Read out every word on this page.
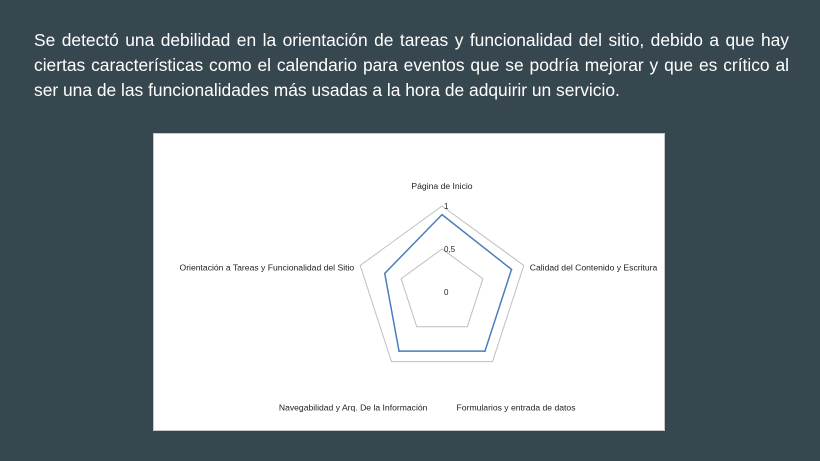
Se detectó una debilidad en la orientación de tareas y funcionalidad del sitio, debido a que hay ciertas características como el calendario para eventos que se podría mejorar y que es crítico al ser una de las funcionalidades más usadas a la hora de adquirir un servicio.

0
0,5
1
Página de Inicio
Calidad del Contenido y Escritura
Formularios y entrada de datos
Navegabilidad y Arq. De la Información
Orientación a Tareas y Funcionalidad del Sitio
